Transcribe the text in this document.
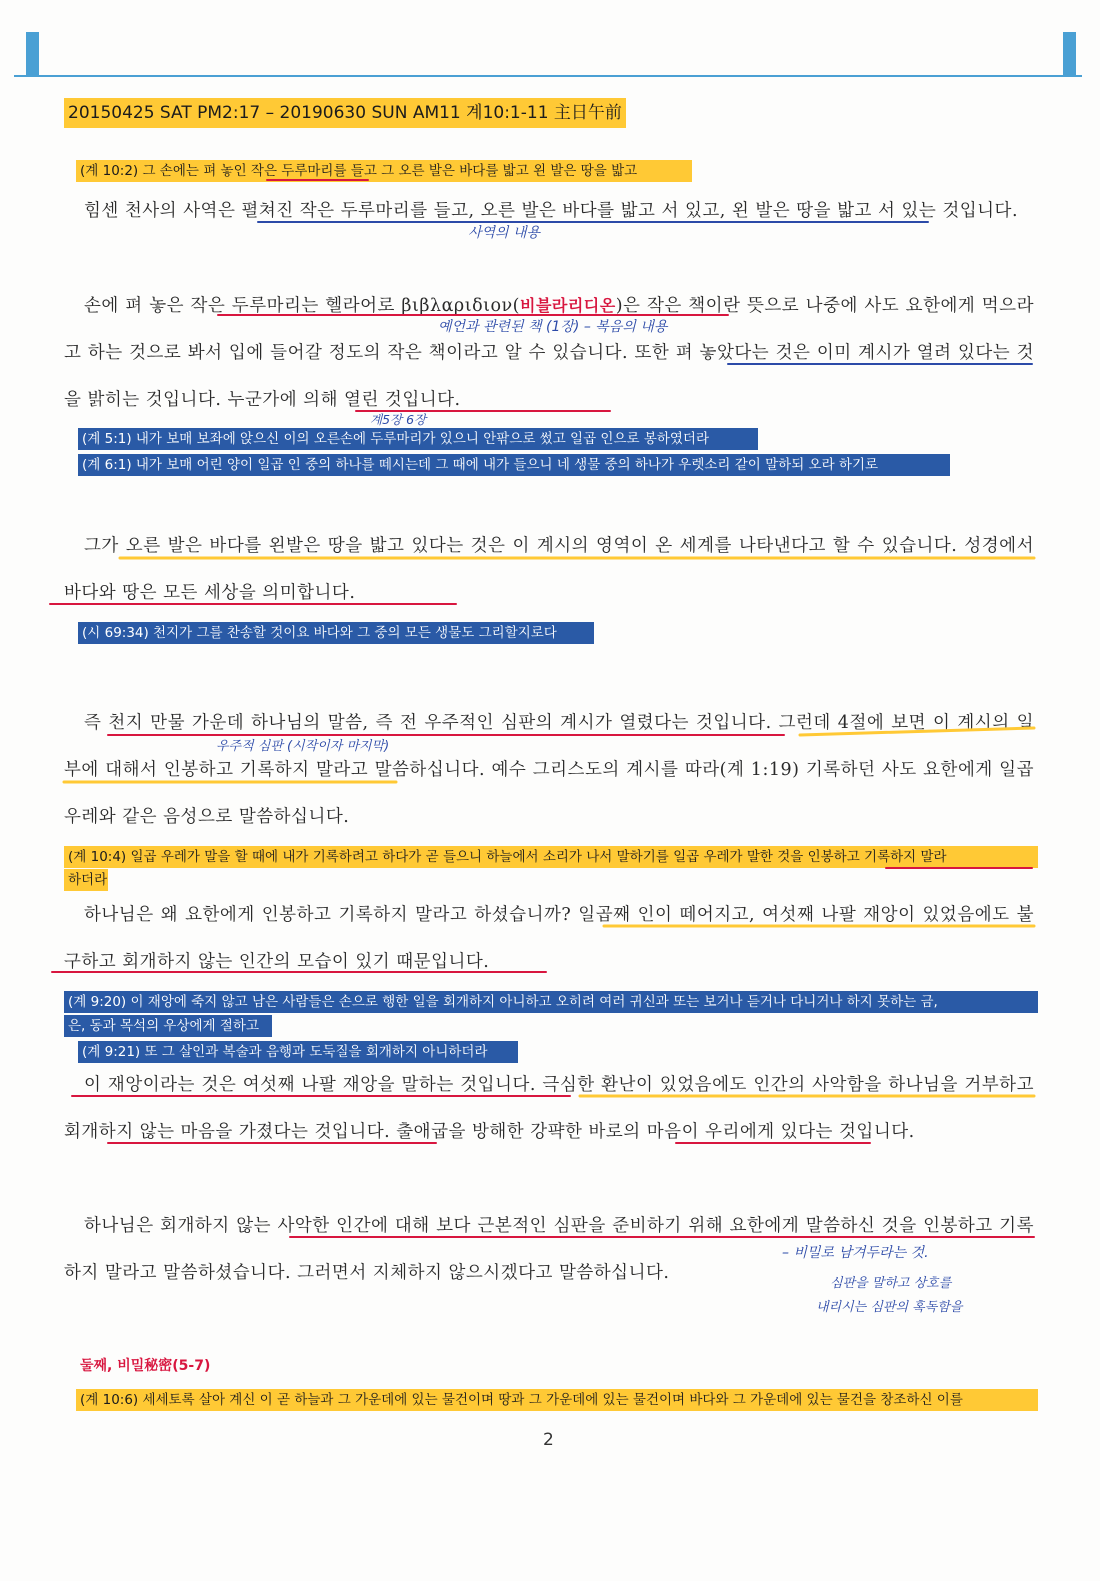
20150425 SAT PM2:17 – 20190630 SUN AM11 계10:1-11 主日午前
(계 10:2) 그 손에는 펴 놓인 작은 두루마리를 들고 그 오른 발은 바다를 밟고 왼 발은 땅을 밟고
힘센 천사의 사역은 펼쳐진 작은 두루마리를 들고, 오른 발은 바다를 밟고 서 있고, 왼 발은 땅을 밟고 서 있는 것입니다.
사역의 내용
손에 펴 놓은 작은 두루마리는 헬라어로 βιβλαριδιον(비블라리디온)은 작은 책이란 뜻으로 나중에 사도 요한에게 먹으라고 하는 것으로 봐서 입에 들어갈 정도의 작은 책이라고 알 수 있습니다. 또한 펴 놓았다는 것은 이미 계시가 열려 있다는 것을 밝히는 것입니다. 누군가에 의해 열린 것입니다.
예언과 관련된 책 (1장) – 복음의 내용
계5장 6장
(계 5:1) 내가 보매 보좌에 앉으신 이의 오른손에 두루마리가 있으니 안팎으로 썼고 일곱 인으로 봉하였더라
(계 6:1) 내가 보매 어린 양이 일곱 인 중의 하나를 떼시는데 그 때에 내가 들으니 네 생물 중의 하나가 우렛소리 같이 말하되 오라 하기로
그가 오른 발은 바다를 왼발은 땅을 밟고 있다는 것은 이 계시의 영역이 온 세계를 나타낸다고 할 수 있습니다. 성경에서 바다와 땅은 모든 세상을 의미합니다.
(시 69:34) 천지가 그를 찬송할 것이요 바다와 그 중의 모든 생물도 그리할지로다
즉 천지 만물 가운데 하나님의 말씀, 즉 전 우주적인 심판의 계시가 열렸다는 것입니다. 그런데 4절에 보면 이 계시의 일부에 대해서 인봉하고 기록하지 말라고 말씀하십니다. 예수 그리스도의 계시를 따라(계 1:19) 기록하던 사도 요한에게 일곱 우레와 같은 음성으로 말씀하십니다.
우주적 심판 (시작이자 마지막)
(계 10:4) 일곱 우레가 말을 할 때에 내가 기록하려고 하다가 곧 들으니 하늘에서 소리가 나서 말하기를 일곱 우레가 말한 것을 인봉하고 기록하지 말라
하더라
하나님은 왜 요한에게 인봉하고 기록하지 말라고 하셨습니까? 일곱째 인이 떼어지고, 여섯째 나팔 재앙이 있었음에도 불구하고 회개하지 않는 인간의 모습이 있기 때문입니다.
(계 9:20) 이 재앙에 죽지 않고 남은 사람들은 손으로 행한 일을 회개하지 아니하고 오히려 여러 귀신과 또는 보거나 듣거나 다니거나 하지 못하는 금,
은, 동과 목석의 우상에게 절하고
(계 9:21) 또 그 살인과 복술과 음행과 도둑질을 회개하지 아니하더라
이 재앙이라는 것은 여섯째 나팔 재앙을 말하는 것입니다. 극심한 환난이 있었음에도 인간의 사악함을 하나님을 거부하고 회개하지 않는 마음을 가졌다는 것입니다. 출애굽을 방해한 강퍅한 바로의 마음이 우리에게 있다는 것입니다.
하나님은 회개하지 않는 사악한 인간에 대해 보다 근본적인 심판을 준비하기 위해 요한에게 말씀하신 것을 인봉하고 기록하지 말라고 말씀하셨습니다. 그러면서 지체하지 않으시겠다고 말씀하십니다.
– 비밀로 남겨두라는 것.
심판을 말하고 상호를
내리시는 심판의 혹독함을
둘째, 비밀秘密(5-7)
(계 10:6) 세세토록 살아 계신 이 곧 하늘과 그 가운데에 있는 물건이며 땅과 그 가운데에 있는 물건이며 바다와 그 가운데에 있는 물건을 창조하신 이를
2
